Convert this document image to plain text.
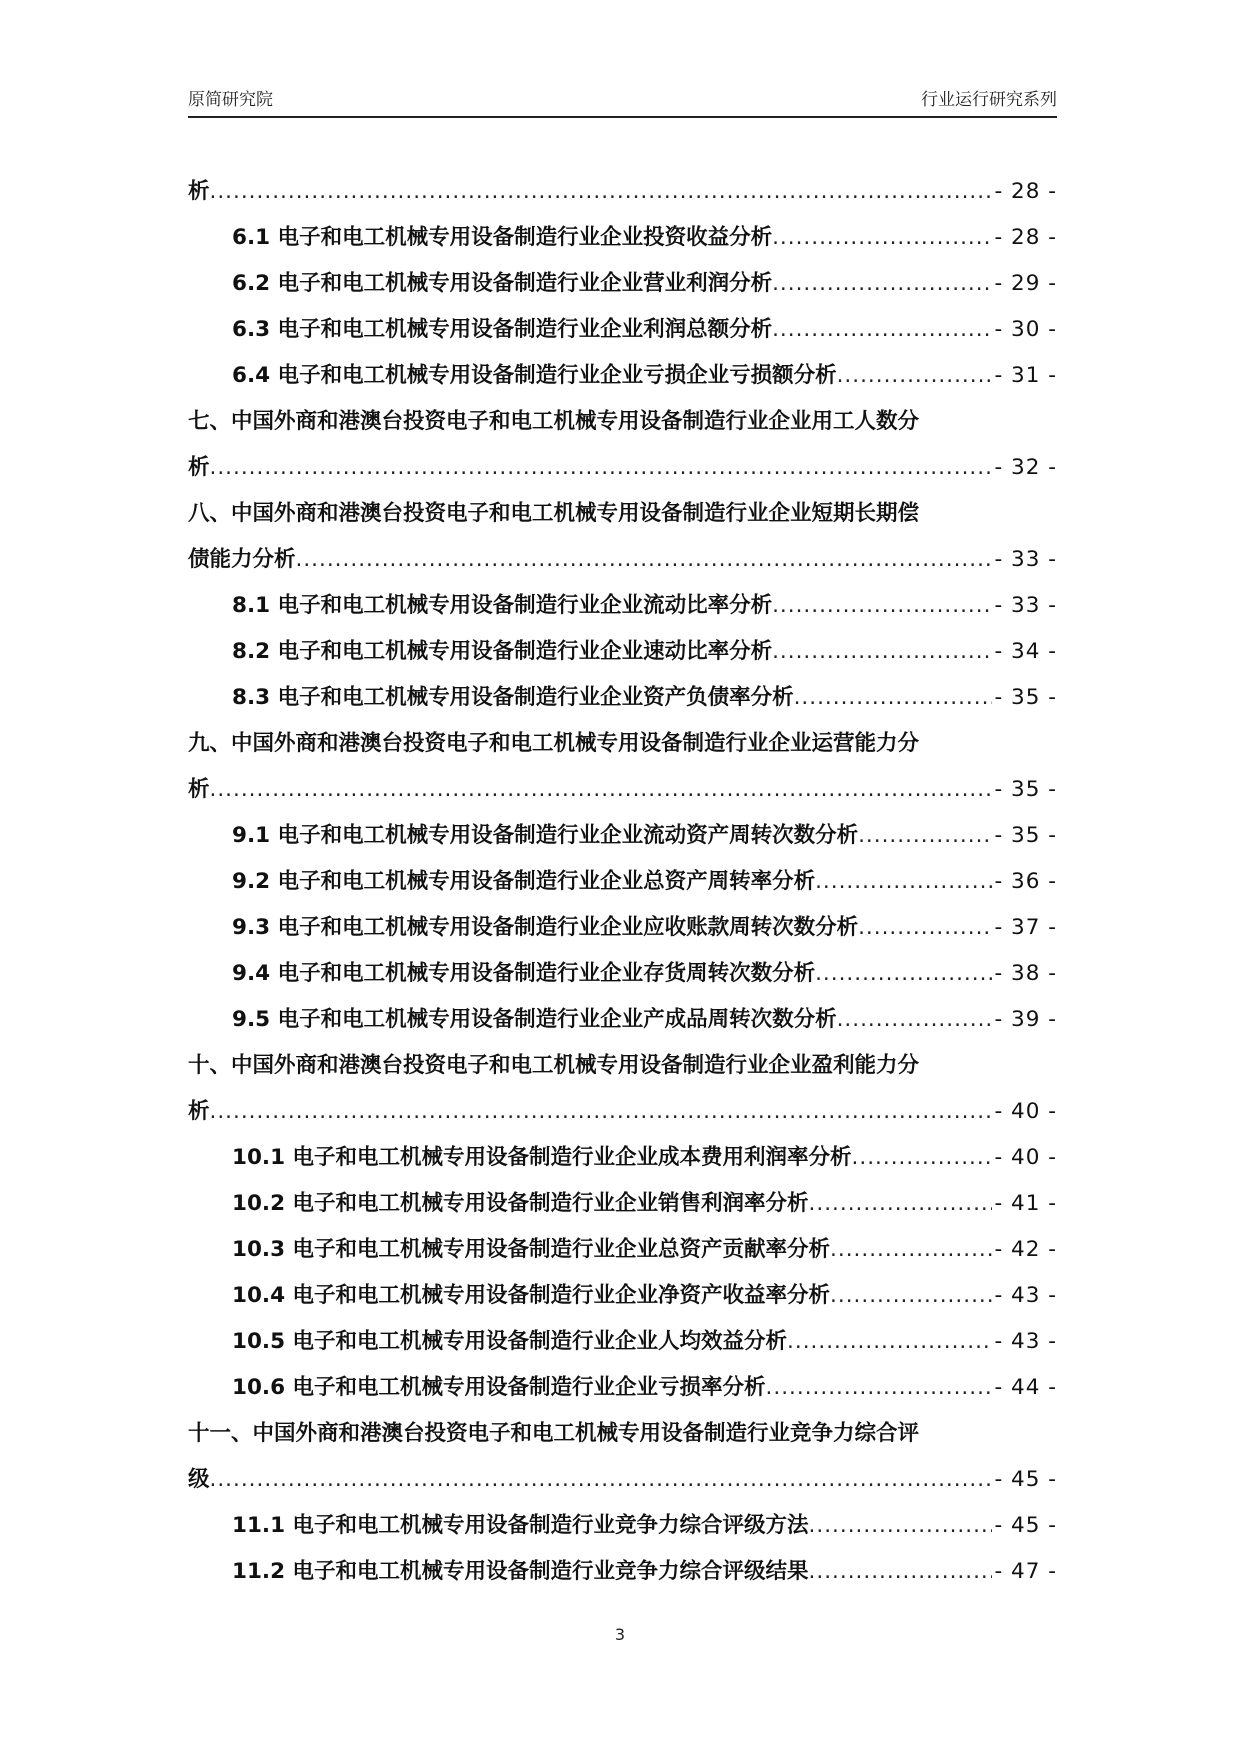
原简研究院	行业运行研究系列
析 .....	- 28 -
6.1 电子和电工机械专用设备制造行业企业投资收益分析 .....	- 28 -
6.2 电子和电工机械专用设备制造行业企业营业利润分析 .....	- 29 -
6.3 电子和电工机械专用设备制造行业企业利润总额分析 .....	- 30 -
6.4 电子和电工机械专用设备制造行业企业亏损企业亏损额分析 .....	- 31 -
七、中国外商和港澳台投资电子和电工机械专用设备制造行业企业用工人数分
析 .....	- 32 -
八、中国外商和港澳台投资电子和电工机械专用设备制造行业企业短期长期偿
债能力分析 .....	- 33 -
8.1 电子和电工机械专用设备制造行业企业流动比率分析 .....	- 33 -
8.2 电子和电工机械专用设备制造行业企业速动比率分析 .....	- 34 -
8.3 电子和电工机械专用设备制造行业企业资产负债率分析 .....	- 35 -
九、中国外商和港澳台投资电子和电工机械专用设备制造行业企业运营能力分
析 .....	- 35 -
9.1 电子和电工机械专用设备制造行业企业流动资产周转次数分析 .....	- 35 -
9.2 电子和电工机械专用设备制造行业企业总资产周转率分析 .....	- 36 -
9.3 电子和电工机械专用设备制造行业企业应收账款周转次数分析 .....	- 37 -
9.4 电子和电工机械专用设备制造行业企业存货周转次数分析 .....	- 38 -
9.5 电子和电工机械专用设备制造行业企业产成品周转次数分析 .....	- 39 -
十、中国外商和港澳台投资电子和电工机械专用设备制造行业企业盈利能力分
析 .....	- 40 -
10.1 电子和电工机械专用设备制造行业企业成本费用利润率分析 .....	- 40 -
10.2 电子和电工机械专用设备制造行业企业销售利润率分析 .....	- 41 -
10.3 电子和电工机械专用设备制造行业企业总资产贡献率分析 .....	- 42 -
10.4 电子和电工机械专用设备制造行业企业净资产收益率分析 .....	- 43 -
10.5 电子和电工机械专用设备制造行业企业人均效益分析 .....	- 43 -
10.6 电子和电工机械专用设备制造行业企业亏损率分析 .....	- 44 -
十一、中国外商和港澳台投资电子和电工机械专用设备制造行业竞争力综合评
级 .....	- 45 -
11.1 电子和电工机械专用设备制造行业竞争力综合评级方法 .....	- 45 -
11.2 电子和电工机械专用设备制造行业竞争力综合评级结果 .....	- 47 -
3
